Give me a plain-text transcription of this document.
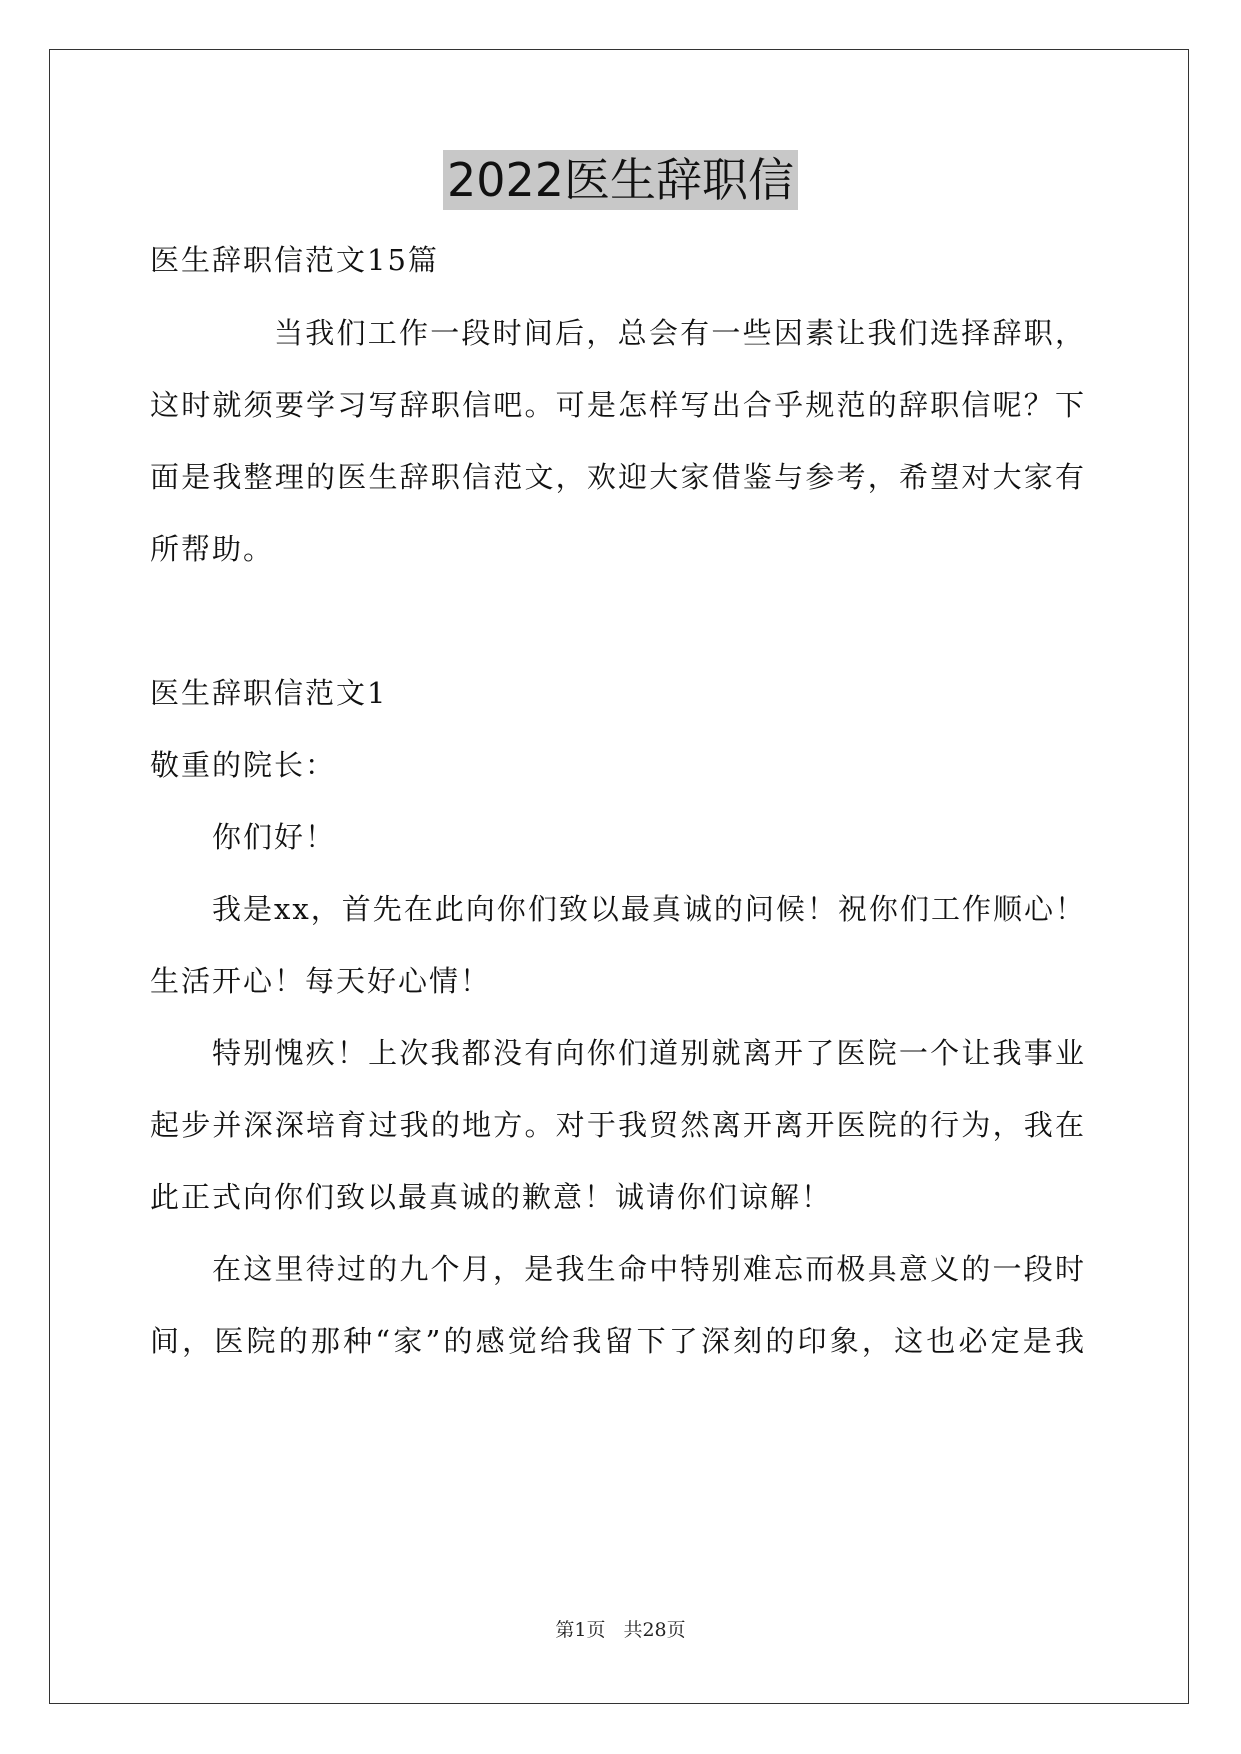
2022医生辞职信
医生辞职信范文15篇
当我们工作一段时间后，总会有一些因素让我们选择辞职，
这时就须要学习写辞职信吧。可是怎样写出合乎规范的辞职信呢？下
面是我整理的医生辞职信范文，欢迎大家借鉴与参考，希望对大家有
所帮助。
医生辞职信范文1
敬重的院长：
你们好！
我是xx，首先在此向你们致以最真诚的问候！祝你们工作顺心！
生活开心！每天好心情！
特别愧疚！上次我都没有向你们道别就离开了医院一个让我事业
起步并深深培育过我的地方。对于我贸然离开离开医院的行为，我在
此正式向你们致以最真诚的歉意！诚请你们谅解！
在这里待过的九个月，是我生命中特别难忘而极具意义的一段时
间，医院的那种“家”的感觉给我留下了深刻的印象，这也必定是我
第1页 共28页
